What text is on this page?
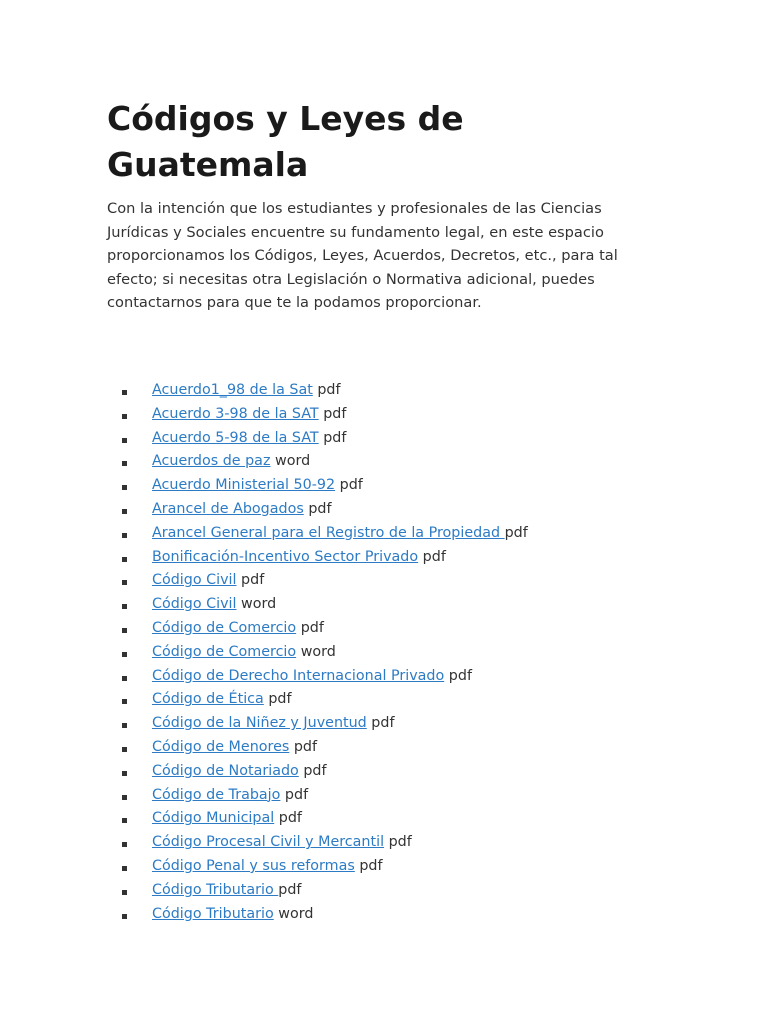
Códigos y Leyes de Guatemala

Con la intención que los estudiantes y profesionales de las Ciencias Jurídicas y Sociales encuentre su fundamento legal, en este espacio proporcionamos los Códigos, Leyes, Acuerdos, Decretos, etc., para tal efecto; si necesitas otra Legislación o Normativa adicional, puedes contactarnos para que te la podamos proporcionar.

Acuerdo1_98 de la Sat pdf
Acuerdo 3-98 de la SAT pdf
Acuerdo 5-98 de la SAT pdf
Acuerdos de paz word
Acuerdo Ministerial 50-92 pdf
Arancel de Abogados pdf
Arancel General para el Registro de la Propiedad pdf
Bonificación-Incentivo Sector Privado pdf
Código Civil pdf
Código Civil word
Código de Comercio pdf
Código de Comercio word
Código de Derecho Internacional Privado pdf
Código de Ética pdf
Código de la Niñez y Juventud pdf
Código de Menores pdf
Código de Notariado pdf
Código de Trabajo pdf
Código Municipal pdf
Código Procesal Civil y Mercantil pdf
Código Penal y sus reformas pdf
Código Tributario pdf
Código Tributario word
